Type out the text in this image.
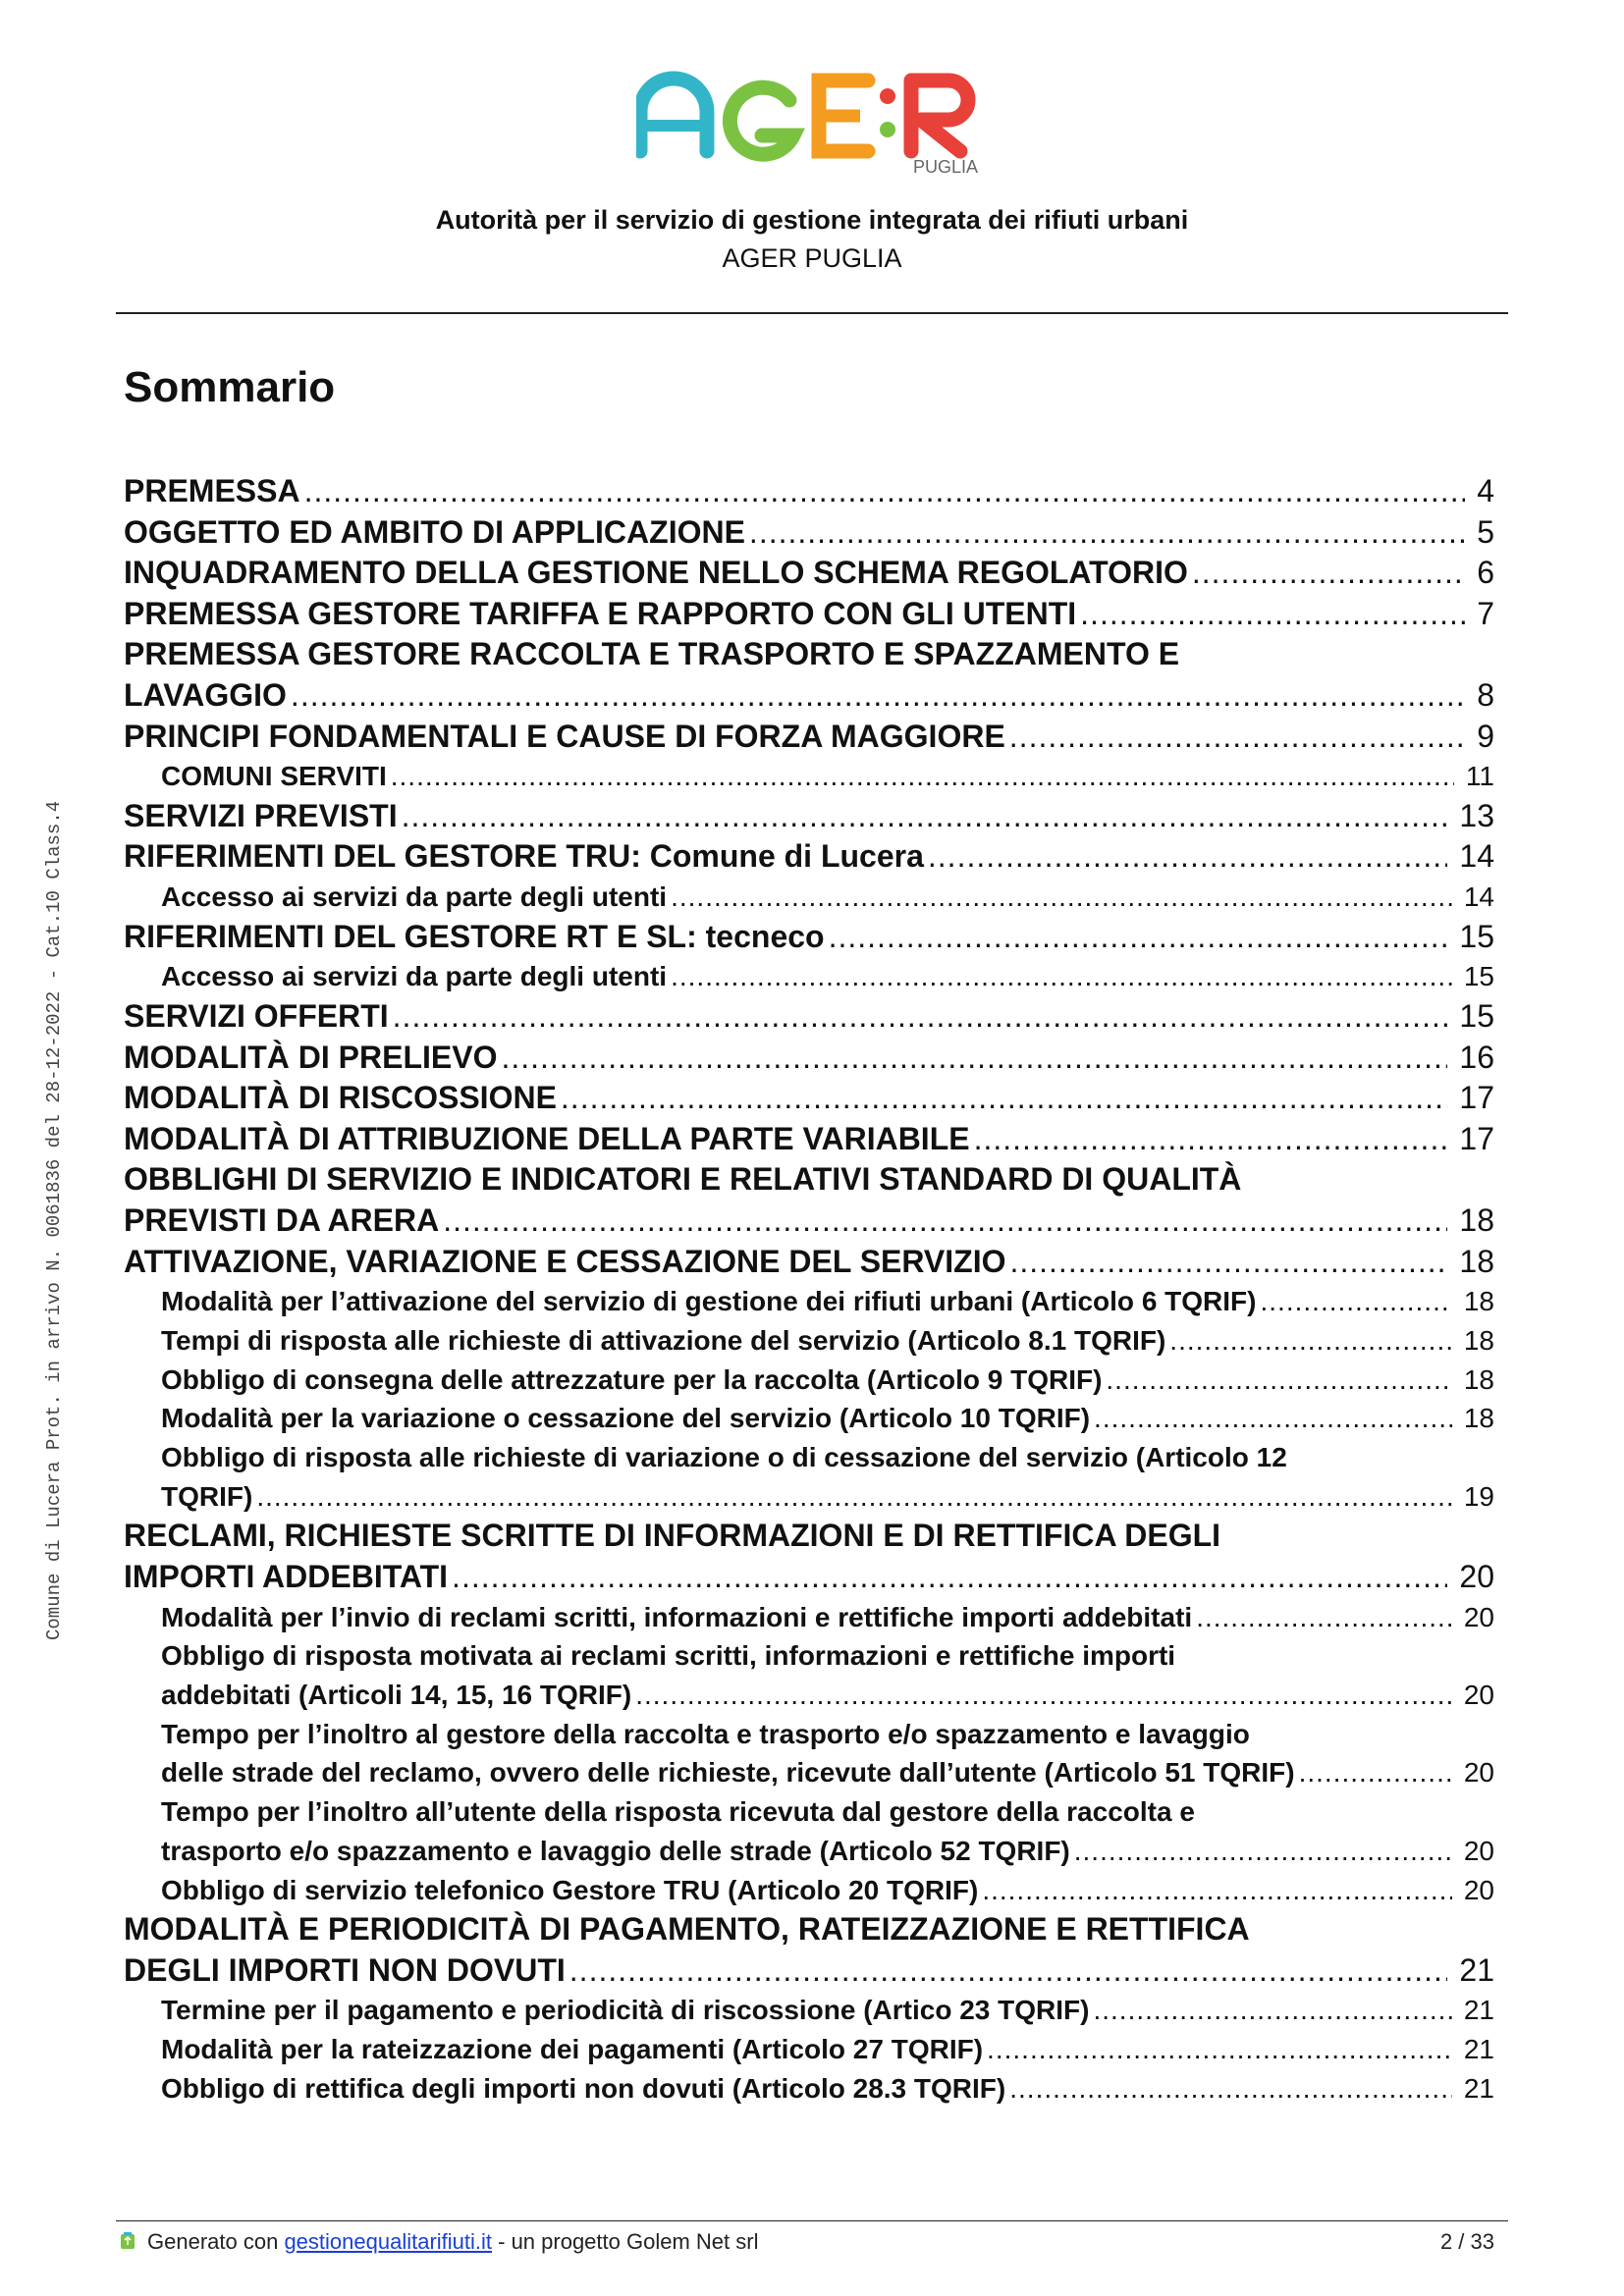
PUGLIA
Autorità per il servizio di gestione integrata dei rifiuti urbani
AGER PUGLIA
Sommario
PREMESSA .....	4
OGGETTO ED AMBITO DI APPLICAZIONE .....	5
INQUADRAMENTO DELLA GESTIONE NELLO SCHEMA REGOLATORIO .....	6
PREMESSA GESTORE TARIFFA E RAPPORTO CON GLI UTENTI .....	7
PREMESSA GESTORE RACCOLTA E TRASPORTO E SPAZZAMENTO E
LAVAGGIO .....	8
PRINCIPI FONDAMENTALI E CAUSE DI FORZA MAGGIORE .....	9
COMUNI SERVITI .....	11
SERVIZI PREVISTI .....	13
RIFERIMENTI DEL GESTORE TRU: Comune di Lucera .....	14
Accesso ai servizi da parte degli utenti .....	14
RIFERIMENTI DEL GESTORE RT E SL: tecneco .....	15
Accesso ai servizi da parte degli utenti .....	15
SERVIZI OFFERTI .....	15
MODALITÀ DI PRELIEVO .....	16
MODALITÀ DI RISCOSSIONE .....	17
MODALITÀ DI ATTRIBUZIONE DELLA PARTE VARIABILE .....	17
OBBLIGHI DI SERVIZIO E INDICATORI E RELATIVI STANDARD DI QUALITÀ
PREVISTI DA ARERA .....	18
ATTIVAZIONE, VARIAZIONE E CESSAZIONE DEL SERVIZIO .....	18
Modalità per l’attivazione del servizio di gestione dei rifiuti urbani (Articolo 6 TQRIF) .....	18
Tempi di risposta alle richieste di attivazione del servizio (Articolo 8.1 TQRIF) .....	18
Obbligo di consegna delle attrezzature per la raccolta (Articolo 9 TQRIF) .....	18
Modalità per la variazione o cessazione del servizio (Articolo 10 TQRIF) .....	18
Obbligo di risposta alle richieste di variazione o di cessazione del servizio (Articolo 12
TQRIF) .....	19
RECLAMI, RICHIESTE SCRITTE DI INFORMAZIONI E DI RETTIFICA DEGLI
IMPORTI ADDEBITATI .....	20
Modalità per l’invio di reclami scritti, informazioni e rettifiche importi addebitati .....	20
Obbligo di risposta motivata ai reclami scritti, informazioni e rettifiche importi
addebitati (Articoli 14, 15, 16 TQRIF) .....	20
Tempo per l’inoltro al gestore della raccolta e trasporto e/o spazzamento e lavaggio
delle strade del reclamo, ovvero delle richieste, ricevute dall’utente (Articolo 51 TQRIF) .....	20
Tempo per l’inoltro all’utente della risposta ricevuta dal gestore della raccolta e
trasporto e/o spazzamento e lavaggio delle strade (Articolo 52 TQRIF) .....	20
Obbligo di servizio telefonico Gestore TRU (Articolo 20 TQRIF) .....	20
MODALITÀ E PERIODICITÀ DI PAGAMENTO, RATEIZZAZIONE E RETTIFICA
DEGLI IMPORTI NON DOVUTI .....	21
Termine per il pagamento e periodicità di riscossione (Artico 23 TQRIF) .....	21
Modalità per la rateizzazione dei pagamenti (Articolo 27 TQRIF) .....	21
Obbligo di rettifica degli importi non dovuti (Articolo 28.3 TQRIF) .....	21
Comune di Lucera Prot. in arrivo N. 0061836 del 28-12-2022 - Cat.10 Class.4
Generato con gestionequalitarifiuti.it - un progetto Golem Net srl	2 / 33
